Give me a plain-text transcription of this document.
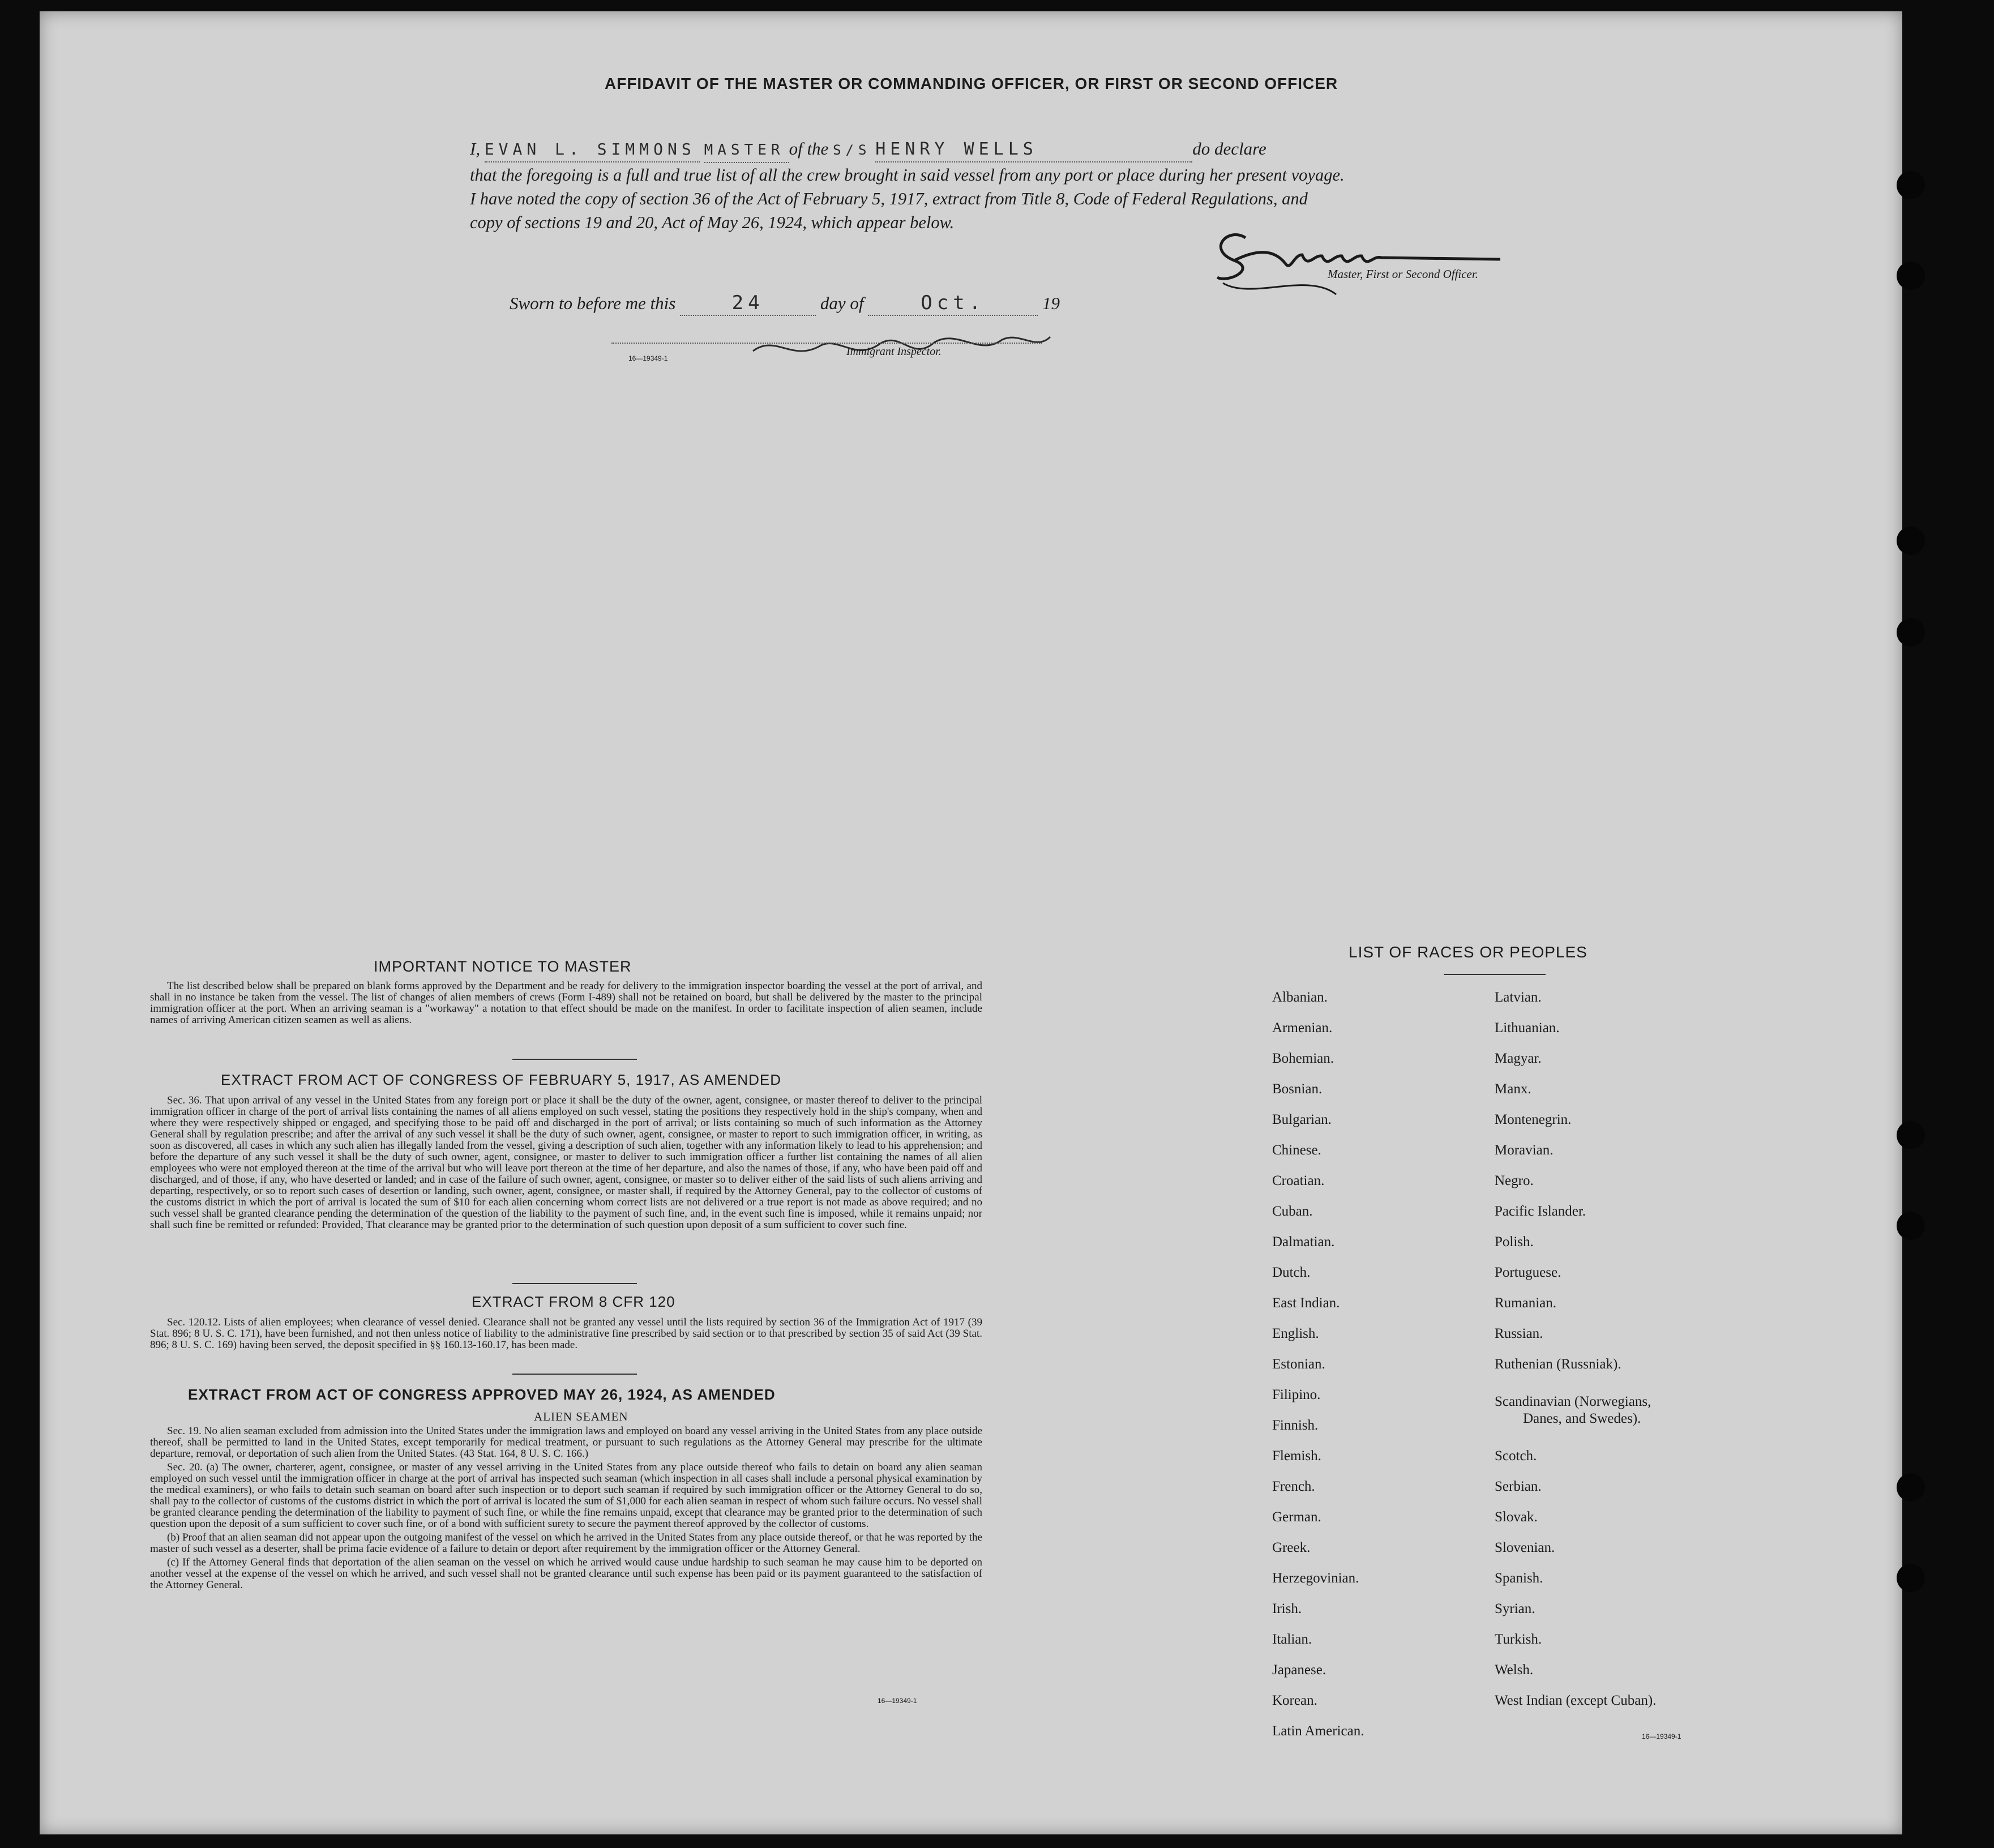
AFFIDAVIT OF THE MASTER OR COMMANDING OFFICER, OR FIRST OR SECOND OFFICER
I, EVAN L. SIMMONS MASTER of the S/S HENRY WELLS	do declare
that the foregoing is a full and true list of all the crew brought in said vessel from any port or place during her present voyage.
I have noted the copy of section 36 of the Act of February 5, 1917, extract from Title 8, Code of Federal Regulations, and
copy of sections 19 and 20, Act of May 26, 1924, which appear below.
Master, First or Second Officer.
Sworn to before me this	24	day of	Oct.	19
16—19349-1
Immigrant Inspector.
IMPORTANT NOTICE TO MASTER

The list described below shall be prepared on blank forms approved by the Department and be ready for delivery to the immigration inspector boarding the vessel at the port of arrival, and shall in no instance be taken from the vessel. The list of changes of alien members of crews (Form I-489) shall not be retained on board, but shall be delivered by the master to the principal immigration officer at the port. When an arriving seaman is a "workaway" a notation to that effect should be made on the manifest. In order to facilitate inspection of alien seamen, include names of arriving American citizen seamen as well as aliens.

EXTRACT FROM ACT OF CONGRESS OF FEBRUARY 5, 1917, AS AMENDED

Sec. 36. That upon arrival of any vessel in the United States from any foreign port or place it shall be the duty of the owner, agent, consignee, or master thereof to deliver to the principal immigration officer in charge of the port of arrival lists containing the names of all aliens employed on such vessel, stating the positions they respectively hold in the ship's company, when and where they were respectively shipped or engaged, and specifying those to be paid off and discharged in the port of arrival; or lists containing so much of such information as the Attorney General shall by regulation prescribe; and after the arrival of any such vessel it shall be the duty of such owner, agent, consignee, or master to report to such immigration officer, in writing, as soon as discovered, all cases in which any such alien has illegally landed from the vessel, giving a description of such alien, together with any information likely to lead to his apprehension; and before the departure of any such vessel it shall be the duty of such owner, agent, consignee, or master to deliver to such immigration officer a further list containing the names of all alien employees who were not employed thereon at the time of the arrival but who will leave port thereon at the time of her departure, and also the names of those, if any, who have been paid off and discharged, and of those, if any, who have deserted or landed; and in case of the failure of such owner, agent, consignee, or master so to deliver either of the said lists of such aliens arriving and departing, respectively, or so to report such cases of desertion or landing, such owner, agent, consignee, or master shall, if required by the Attorney General, pay to the collector of customs of the customs district in which the port of arrival is located the sum of $10 for each alien concerning whom correct lists are not delivered or a true report is not made as above required; and no such vessel shall be granted clearance pending the determination of the question of the liability to the payment of such fine, and, in the event such fine is imposed, while it remains unpaid; nor shall such fine be remitted or refunded: Provided, That clearance may be granted prior to the determination of such question upon deposit of a sum sufficient to cover such fine.

EXTRACT FROM 8 CFR 120

Sec. 120.12. Lists of alien employees; when clearance of vessel denied. Clearance shall not be granted any vessel until the lists required by section 36 of the Immigration Act of 1917 (39 Stat. 896; 8 U. S. C. 171), have been furnished, and not then unless notice of liability to the administrative fine prescribed by said section or to that prescribed by section 35 of said Act (39 Stat. 896; 8 U. S. C. 169) having been served, the deposit specified in §§ 160.13-160.17, has been made.

EXTRACT FROM ACT OF CONGRESS APPROVED MAY 26, 1924, AS AMENDED
ALIEN SEAMEN

Sec. 19. No alien seaman excluded from admission into the United States under the immigration laws and employed on board any vessel arriving in the United States from any place outside thereof, shall be permitted to land in the United States, except temporarily for medical treatment, or pursuant to such regulations as the Attorney General may prescribe for the ultimate departure, removal, or deportation of such alien from the United States. (43 Stat. 164, 8 U. S. C. 166.)

Sec. 20. (a) The owner, charterer, agent, consignee, or master of any vessel arriving in the United States from any place outside thereof who fails to detain on board any alien seaman employed on such vessel until the immigration officer in charge at the port of arrival has inspected such seaman (which inspection in all cases shall include a personal physical examination by the medical examiners), or who fails to detain such seaman on board after such inspection or to deport such seaman if required by such immigration officer or the Attorney General to do so, shall pay to the collector of customs of the customs district in which the port of arrival is located the sum of $1,000 for each alien seaman in respect of whom such failure occurs. No vessel shall be granted clearance pending the determination of the liability to payment of such fine, or while the fine remains unpaid, except that clearance may be granted prior to the determination of such question upon the deposit of a sum sufficient to cover such fine, or of a bond with sufficient surety to secure the payment thereof approved by the collector of customs.

(b) Proof that an alien seaman did not appear upon the outgoing manifest of the vessel on which he arrived in the United States from any place outside thereof, or that he was reported by the master of such vessel as a deserter, shall be prima facie evidence of a failure to detain or deport after requirement by the immigration officer or the Attorney General.

(c) If the Attorney General finds that deportation of the alien seaman on the vessel on which he arrived would cause undue hardship to such seaman he may cause him to be deported on another vessel at the expense of the vessel on which he arrived, and such vessel shall not be granted clearance until such expense has been paid or its payment guaranteed to the satisfaction of the Attorney General.

16—19349-1
LIST OF RACES OR PEOPLES
Albanian.
Armenian.
Bohemian.
Bosnian.
Bulgarian.
Chinese.
Croatian.
Cuban.
Dalmatian.
Dutch.
East Indian.
English.
Estonian.
Filipino.
Finnish.
Flemish.
French.
German.
Greek.
Herzegovinian.
Irish.
Italian.
Japanese.
Korean.
Latin American.
Latvian.
Lithuanian.
Magyar.
Manx.
Montenegrin.
Moravian.
Negro.
Pacific Islander.
Polish.
Portuguese.
Rumanian.
Russian.
Ruthenian (Russniak).
Scandinavian (Norwegians,
Danes, and Swedes).
Scotch.
Serbian.
Slovak.
Slovenian.
Spanish.
Syrian.
Turkish.
Welsh.
West Indian (except Cuban).
16—19349-1
